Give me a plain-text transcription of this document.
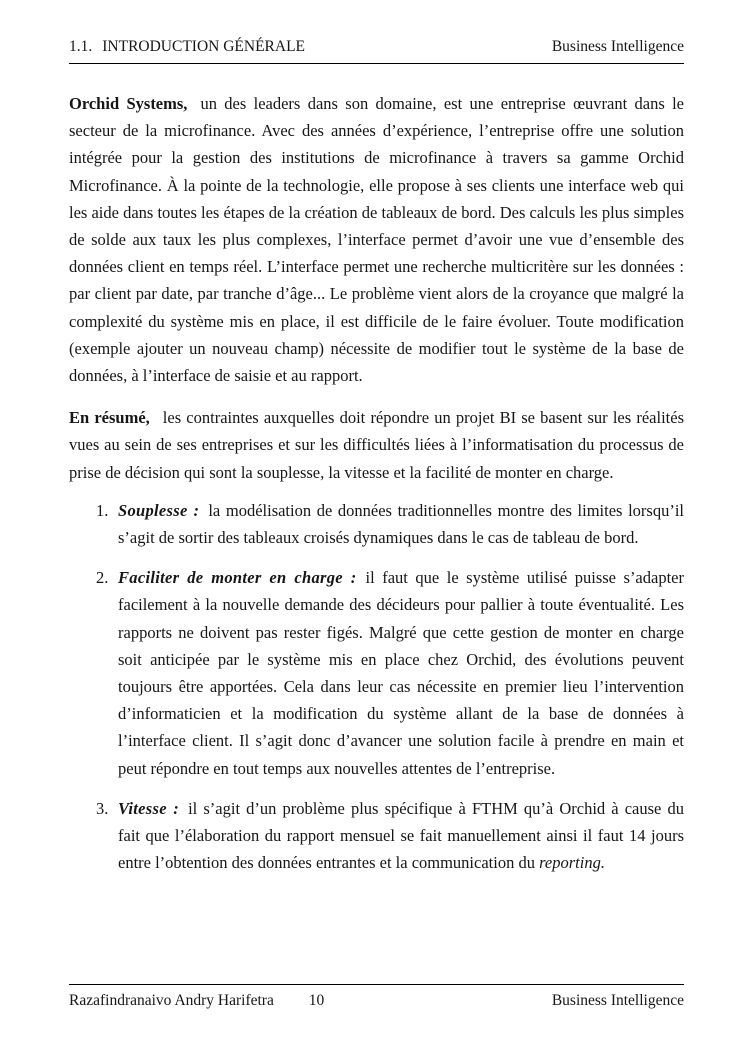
1.1. INTRODUCTION GÉNÉRALE	Business Intelligence

Orchid Systems, un des leaders dans son domaine, est une entreprise œuvrant dans le secteur de la microfinance. Avec des années d’expérience, l’entreprise offre une solution intégrée pour la gestion des institutions de microfinance à travers sa gamme Orchid Microfinance. À la pointe de la technologie, elle propose à ses clients une interface web qui les aide dans toutes les étapes de la création de tableaux de bord. Des calculs les plus simples de solde aux taux les plus complexes, l’interface permet d’avoir une vue d’ensemble des données client en temps réel. L’interface permet une recherche multicritère sur les données : par client par date, par tranche d’âge... Le problème vient alors de la croyance que malgré la complexité du système mis en place, il est difficile de le faire évoluer. Toute modification (exemple ajouter un nouveau champ) nécessite de modifier tout le système de la base de données, à l’interface de saisie et au rapport.

En résumé, les contraintes auxquelles doit répondre un projet BI se basent sur les réalités vues au sein de ses entreprises et sur les difficultés liées à l’informatisation du processus de prise de décision qui sont la souplesse, la vitesse et la facilité de monter en charge.

1. Souplesse : la modélisation de données traditionnelles montre des limites lorsqu’il s’agit de sortir des tableaux croisés dynamiques dans le cas de tableau de bord.
2. Faciliter de monter en charge : il faut que le système utilisé puisse s’adapter facilement à la nouvelle demande des décideurs pour pallier à toute éventualité. Les rapports ne doivent pas rester figés. Malgré que cette gestion de monter en charge soit anticipée par le système mis en place chez Orchid, des évolutions peuvent toujours être apportées. Cela dans leur cas nécessite en premier lieu l’intervention d’informaticien et la modification du système allant de la base de données à l’interface client. Il s’agit donc d’avancer une solution facile à prendre en main et peut répondre en tout temps aux nouvelles attentes de l’entreprise.
3. Vitesse : il s’agit d’un problème plus spécifique à FTHM qu’à Orchid à cause du fait que l’élaboration du rapport mensuel se fait manuellement ainsi il faut 14 jours entre l’obtention des données entrantes et la communication du reporting.
Razafindranaivo Andry Harifetra	10	Business Intelligence
